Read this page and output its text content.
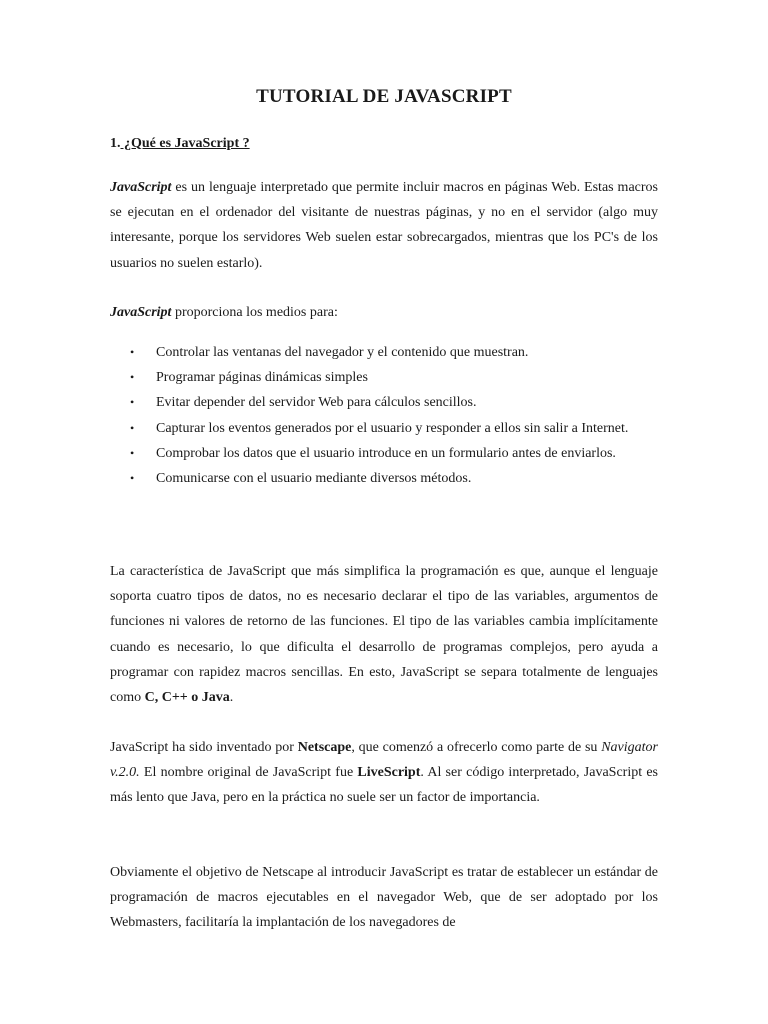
TUTORIAL DE JAVASCRIPT
1. ¿Qué es JavaScript ?

JavaScript es un lenguaje interpretado que permite incluir macros en páginas Web. Estas macros se ejecutan en el ordenador del visitante de nuestras páginas, y no en el servidor (algo muy interesante, porque los servidores Web suelen estar sobrecargados, mientras que los PC's de los usuarios no suelen estarlo).

JavaScript proporciona los medios para:

• Controlar las ventanas del navegador y el contenido que muestran.
• Programar páginas dinámicas simples
• Evitar depender del servidor Web para cálculos sencillos.
• Capturar los eventos generados por el usuario y responder a ellos sin salir a Internet.
• Comprobar los datos que el usuario introduce en un formulario antes de enviarlos.
• Comunicarse con el usuario mediante diversos métodos.

La característica de JavaScript que más simplifica la programación es que, aunque el lenguaje soporta cuatro tipos de datos, no es necesario declarar el tipo de las variables, argumentos de funciones ni valores de retorno de las funciones. El tipo de las variables cambia implícitamente cuando es necesario, lo que dificulta el desarrollo de programas complejos, pero ayuda a programar con rapidez macros sencillas. En esto, JavaScript se separa totalmente de lenguajes como C, C++ o Java.

JavaScript ha sido inventado por Netscape, que comenzó a ofrecerlo como parte de su Navigator v.2.0. El nombre original de JavaScript fue LiveScript. Al ser código interpretado, JavaScript es más lento que Java, pero en la práctica no suele ser un factor de importancia.

Obviamente el objetivo de Netscape al introducir JavaScript es tratar de establecer un estándar de programación de macros ejecutables en el navegador Web, que de ser adoptado por los Webmasters, facilitaría la implantación de los navegadores de
